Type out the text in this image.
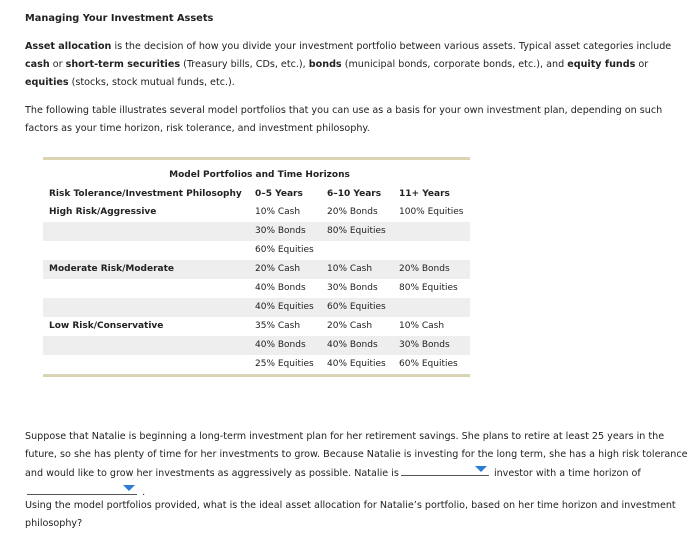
Managing Your Investment Assets

Asset allocation is the decision of how you divide your investment portfolio between various assets. Typical asset categories include cash or short-term securities (Treasury bills, CDs, etc.), bonds (municipal bonds, corporate bonds, etc.), and equity funds or equities (stocks, stock mutual funds, etc.).

The following table illustrates several model portfolios that you can use as a basis for your own investment plan, depending on such factors as your time horizon, risk tolerance, and investment philosophy.

Model Portfolios and Time Horizons
Risk Tolerance/Investment Philosophy	0–5 Years	6–10 Years	11+ Years
High Risk/Aggressive	10% Cash	20% Bonds	100% Equities
	30% Bonds	80% Equities	
	60% Equities		
Moderate Risk/Moderate	20% Cash	10% Cash	20% Bonds
	40% Bonds	30% Bonds	80% Equities
	40% Equities	60% Equities	
Low Risk/Conservative	35% Cash	20% Cash	10% Cash
	40% Bonds	40% Bonds	30% Bonds
	25% Equities	40% Equities	60% Equities
Suppose that Natalie is beginning a long-term investment plan for her retirement savings. She plans to retire at least 25 years in the future, so she has plenty of time for her investments to grow. Because Natalie is investing for the long term, she has a high risk tolerance and would like to grow her investments as aggressively as possible. Natalie is	investor with a time horizon of
.
Using the model portfolios provided, what is the ideal asset allocation for Natalie’s portfolio, based on her time horizon and investment philosophy?
